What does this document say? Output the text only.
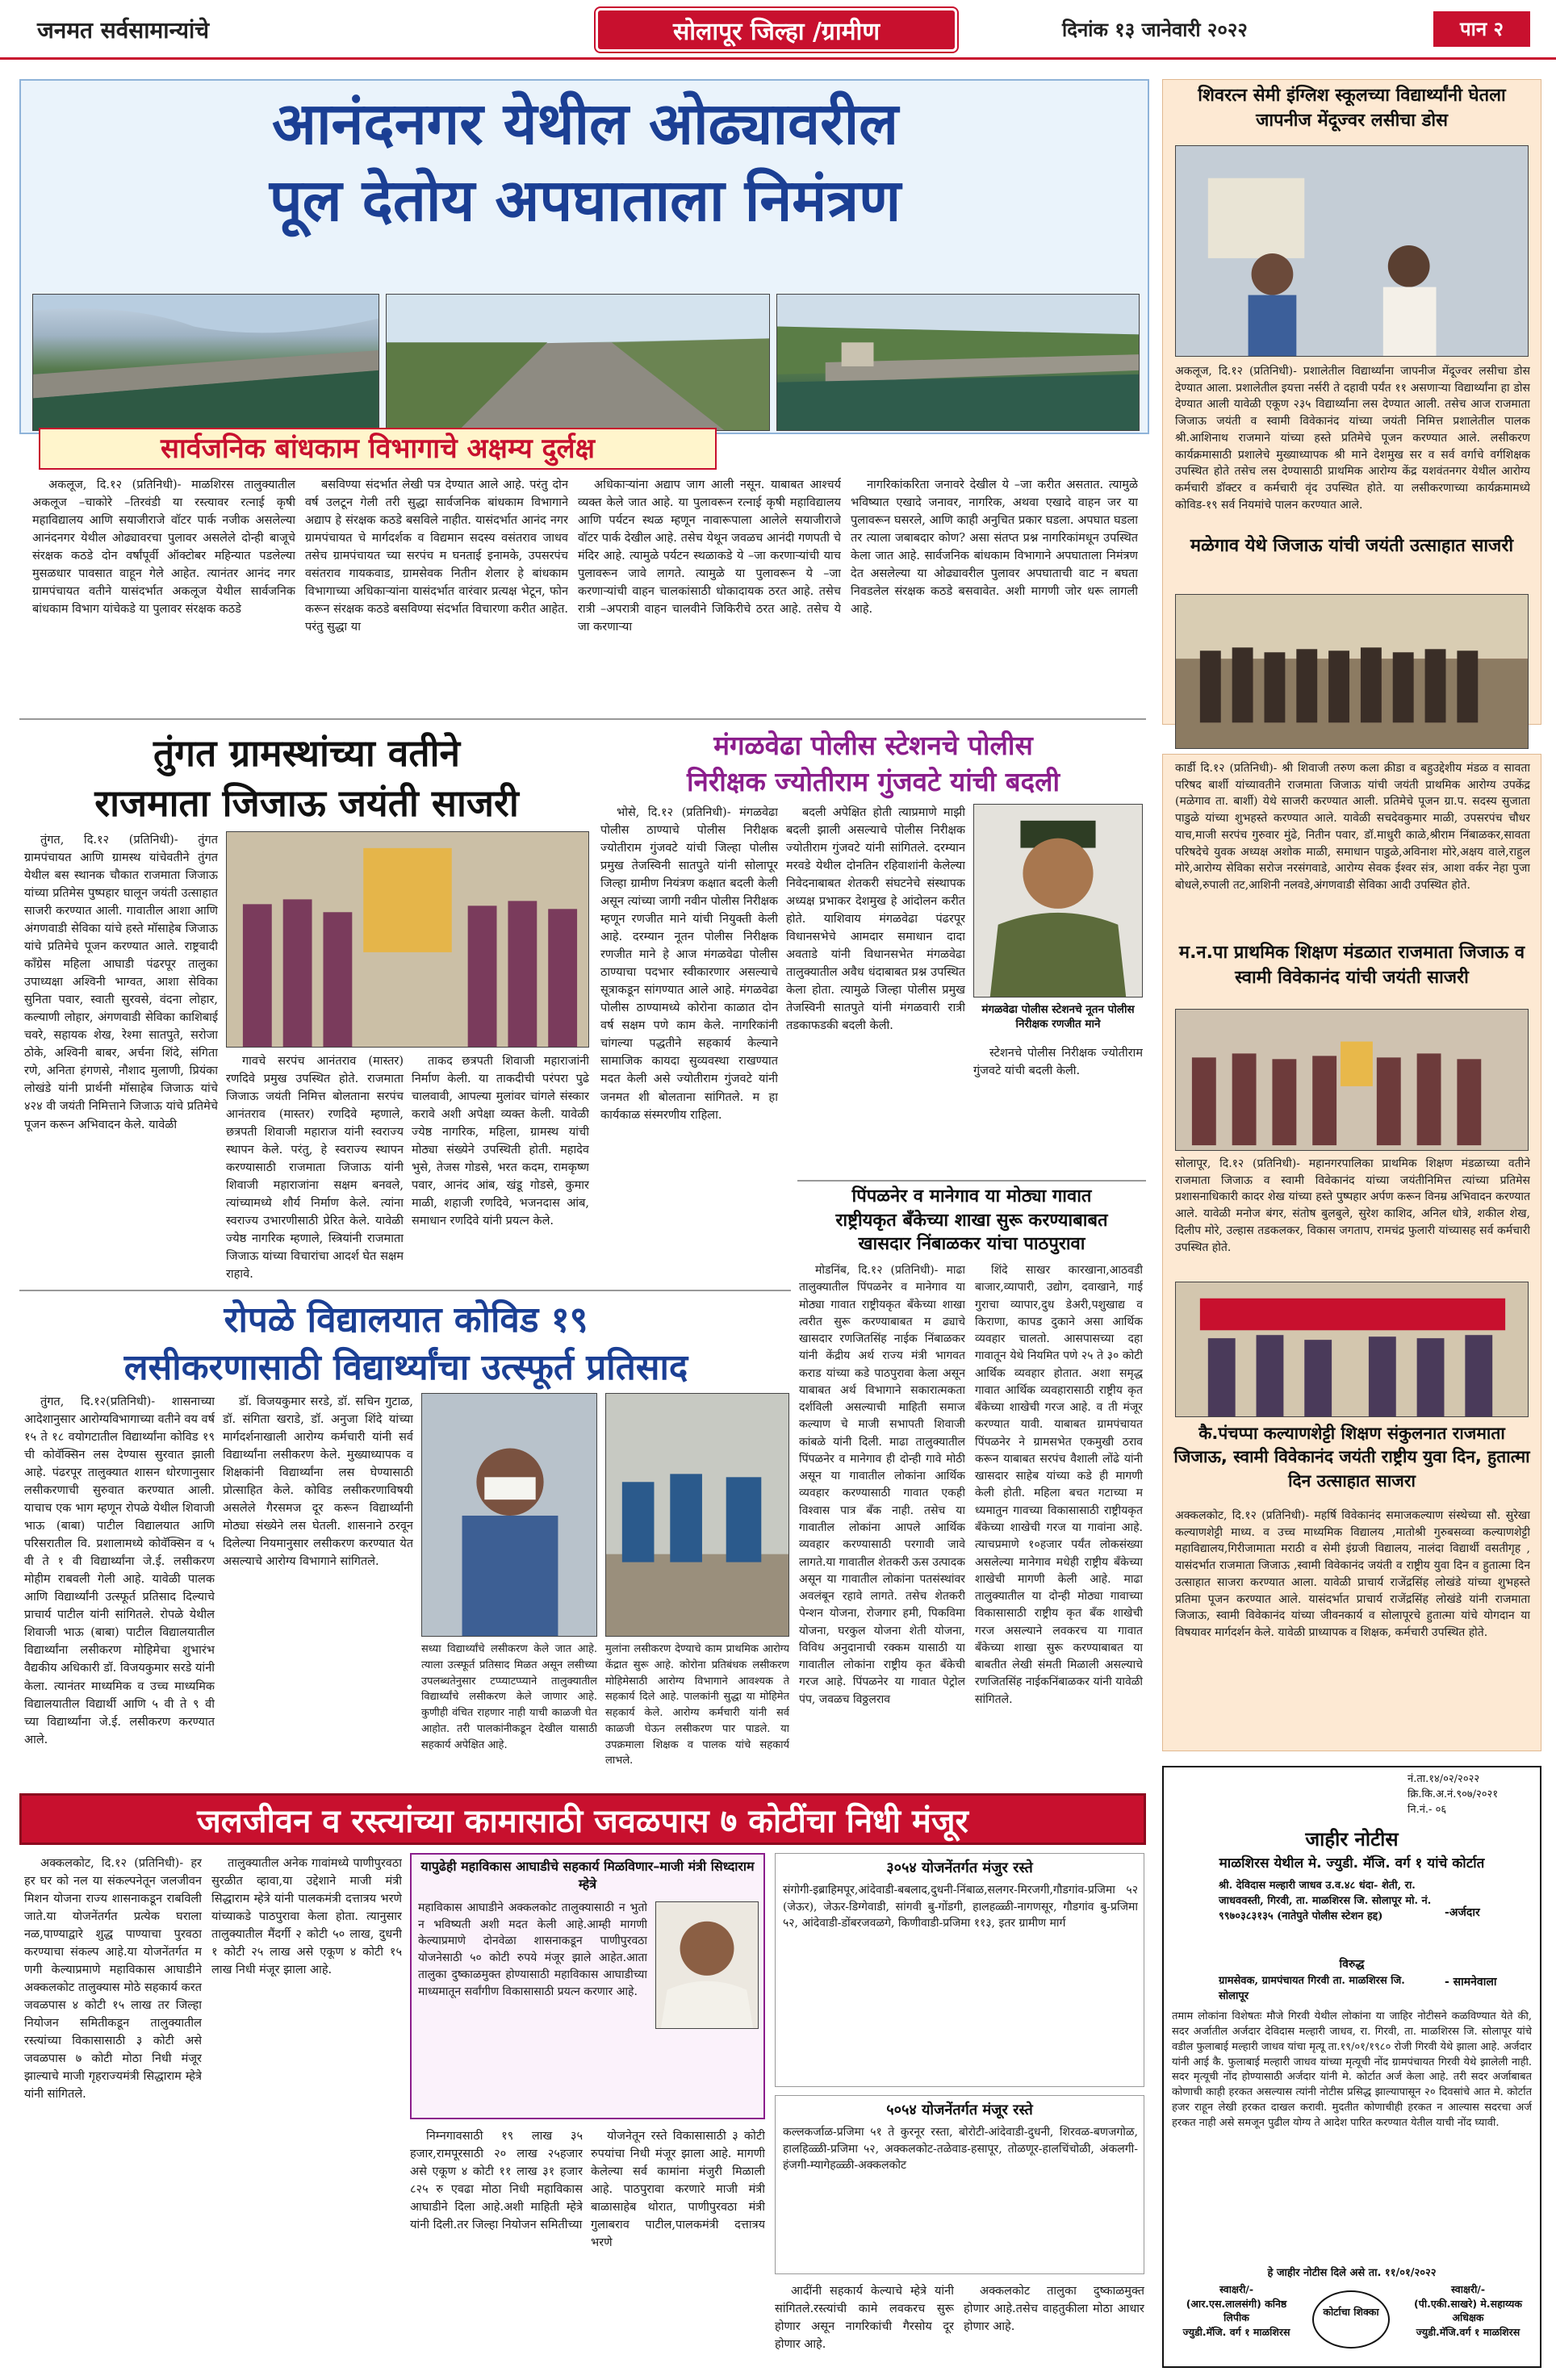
जनमत सर्वसामान्यांचे	सोलापूर जिल्हा /ग्रामीण	दिनांक १३ जानेवारी २०२२	पान २
आनंदनगर येथील ओढ्यावरील
पूल देतोय अपघाताला निमंत्रण
सार्वजनिक बांधकाम विभागाचे अक्षम्य दुर्लक्ष

अकलूज, दि.१२ (प्रतिनिधी)- माळशिरस तालुक्यातील अकलूज –चाकोरे –तिरवंडी या रस्त्यावर रत्नाई कृषी महाविद्यालय आणि सयाजीराजे वॉटर पार्क नजीक असलेल्या आनंदनगर येथील ओढ्यावरचा पुलावर असलेले दोन्ही बाजूचे संरक्षक कठडे दोन वर्षांपूर्वी ऑक्टोबर महिन्यात पडलेल्या मुसळधार पावसात वाहून गेले आहेत. त्यानंतर आनंद नगर ग्रामपंचायत वतीने यासंदर्भात अकलूज येथील सार्वजनिक बांधकाम विभाग यांचेकडे या पुलावर संरक्षक कठडे

बसविण्या संदर्भात लेखी पत्र देण्यात आले आहे. परंतु दोन वर्ष उलटून गेली तरी सुद्धा सार्वजनिक बांधकाम विभागाने अद्याप हे संरक्षक कठडे बसविले नाहीत. यासंदर्भात आनंद नगर ग्रामपंचायत चे मार्गदर्शक व विद्यमान सदस्य वसंतराव जाधव तसेच ग्रामपंचायत च्या सरपंच म घनताई इनामके, उपसरपंच वसंतराव गायकवाड, ग्रामसेवक नितीन शेलार हे बांधकाम विभागाच्या अधिकाऱ्यांना यासंदर्भात वारंवार प्रत्यक्ष भेटून, फोन करून संरक्षक कठडे बसविण्या संदर्भात विचारणा करीत आहेत. परंतु सुद्धा या

अधिकाऱ्यांना अद्याप जाग आली नसून. याबाबत आश्चर्य व्यक्त केले जात आहे. या पुलावरून रत्नाई कृषी महाविद्यालय आणि पर्यटन स्थळ म्हणून नावारूपाला आलेले सयाजीराजे वॉटर पार्क देखील आहे. तसेच येथून जवळच आनंदी गणपती चे मंदिर आहे. त्यामुळे पर्यटन स्थळाकडे ये –जा करणाऱ्यांची याच पुलावरून जावे लागते. त्यामुळे या पुलावरून ये –जा करणाऱ्यांची वाहन चालकांसाठी धोकादायक ठरत आहे. तसेच रात्री –अपरात्री वाहन चालवीने जिकिरीचे ठरत आहे. तसेच ये जा करणाऱ्या

नागरिकांकरिता जनावरे देखील ये –जा करीत असतात. त्यामुळे भविष्यात एखादे जनावर, नागरिक, अथवा एखादे वाहन जर या पुलावरून घसरले, आणि काही अनुचित प्रकार घडला. अपघात घडला तर त्याला जबाबदार कोण? असा संतप्त प्रश्न नागरिकांमधून उपस्थित केला जात आहे. सार्वजनिक बांधकाम विभागाने अपघाताला निमंत्रण देत असलेल्या या ओढ्यावरील पुलावर अपघाताची वाट न बघता निवडलेल संरक्षक कठडे बसवावेत. अशी मागणी जोर धरू लागली आहे.

शिवरत्न सेमी इंग्लिश स्कूलच्या विद्यार्थ्यांनी घेतला जापनीज मेंदूज्वर लसीचा डोस
अकलूज, दि.१२ (प्रतिनिधी)- प्रशालेतील विद्यार्थ्यांना जापनीज मेंदूज्वर लसीचा डोस देण्यात आला. प्रशालेतील इयत्ता नर्सरी ते दहावी पर्यंत ११ असणाऱ्या विद्यार्थ्यांना हा डोस देण्यात आली यावेळी एकूण २३५ विद्यार्थ्यांना लस देण्यात आली. तसेच आज राजमाता जिजाऊ जयंती व स्वामी विवेकानंद यांच्या जयंती निमित्त प्रशालेतील पालक श्री.आशिनाथ राजमाने यांच्या हस्ते प्रतिमेचे पूजन करण्यात आले. लसीकरण कार्यक्रमासाठी प्रशालेचे मुख्याध्यापक श्री माने देशमुख सर व सर्व वर्गाचे वर्गशिक्षक उपस्थित होते तसेच लस देण्यासाठी प्राथमिक आरोग्य केंद्र यशवंतनगर येथील आरोग्य कर्मचारी डॉक्टर व कर्मचारी वृंद उपस्थित होते. या लसीकरणाच्या कार्यक्रमामध्ये कोविड-१९ सर्व नियमांचे पालन करण्यात आले.
मळेगाव येथे जिजाऊ यांची जयंती उत्साहात साजरी
कार्डी दि.१२ (प्रतिनिधी)- श्री शिवाजी तरुण कला क्रीडा व बहुउद्देशीय मंडळ व सावता परिषद बार्शी यांच्यावतीने राजमाता जिजाऊ यांची जयंती प्राथमिक आरोग्य उपकेंद्र (मळेगाव ता. बार्शी) येथे साजरी करण्यात आली. प्रतिमेचे पूजन ग्रा.प. सदस्य सुजाता पाडुळे यांच्या शुभहस्ते करण्यात आले. यावेळी सचदेवकुमार माळी, उपसरपंच चौधर याच,माजी सरपंच गुरुवार मुंढे, नितीन पवार, डॉ.माधुरी काळे,श्रीराम निंबाळकर,सावता परिषदेचे युवक अध्यक्ष अशोक माळी, समाधान पाडुळे,अविनाश मोरे,अक्षय वाले,राहुल मोरे,आरोग्य सेविका सरोज नरसंगवाडे, आरोग्य सेवक ईश्वर संत्र, आशा वर्कर नेहा पुजा बोधले,रुपाली तट,आशिनी नलवडे,अंगणवाडी सेविका आदी उपस्थित होते.
म.न.पा प्राथमिक शिक्षण मंडळात राजमाता जिजाऊ व स्वामी विवेकानंद यांची जयंती साजरी
सोलापूर, दि.१२ (प्रतिनिधी)- महानगरपालिका प्राथमिक शिक्षण मंडळाच्या वतीने राजमाता जिजाऊ व स्वामी विवेकानंद यांच्या जयंतीनिमित्त त्यांच्या प्रतिमेस प्रशासनाधिकारी कादर शेख यांच्या हस्ते पुष्पहार अर्पण करून विनम्र अभिवादन करण्यात आले. यावेळी मनोज बंगर, संतोष बुलबुले, सुरेश काशिद, अनिल धोत्रे, शकील शेख, दिलीप मोरे, उल्हास तडकलकर, विकास जगताप, रामचंद्र फुलारी यांच्यासह सर्व कर्मचारी उपस्थित होते.
कै.पंचप्पा कल्याणशेट्टी शिक्षण संकुलनात राजमाता जिजाऊ, स्वामी विवेकानंद जयंती राष्ट्रीय युवा दिन, हुतात्मा दिन उत्साहात साजरा
अक्कलकोट, दि.१२ (प्रतिनिधी)- महर्षि विवेकानंद समाजकल्याण संस्थेच्या सौ. सुरेखा कल्याणशेट्टी माध्य. व उच्च माध्यमिक विद्यालय ,मातोश्री गुरुबसव्वा कल्याणशेट्टी महाविद्यालय,गिरीजामाता मराठी व सेमी इंग्रजी विद्यालय, नालंदा विद्यार्थी वसतीगृह , यासंदर्भात राजमाता जिजाऊ ,स्वामी विवेकानंद जयंती व राष्ट्रीय युवा दिन व हुतात्मा दिन उत्साहात साजरा करण्यात आला. यावेळी प्राचार्य राजेंद्रसिंह लोखंडे यांच्या शुभहस्ते प्रतिमा पूजन करण्यात आले. यासंदर्भात प्राचार्य राजेंद्रसिंह लोखंडे यांनी राजमाता जिजाऊ, स्वामी विवेकानंद यांच्या जीवनकार्य व सोलापूरचे हुतात्मा यांचे योगदान या विषयावर मार्गदर्शन केले. यावेळी प्राध्यापक व शिक्षक, कर्मचारी उपस्थित होते.
नं.ता.१४/०२/२०२२
क्रि.कि.अ.नं.९०७/२०२१
नि.नं.- ०६
जाहीर नोटीस
माळशिरस येथील मे. ज्युडी. मॅजि. वर्ग १ यांचे कोर्टात
श्री. देविदास मल्हारी जाधव उ.व.४८ धंदा- शेती, रा. जाधववस्ती, गिरवी, ता. माळशिरस जि. सोलापूर मो. नं. ९९७०३८३१३५ (नातेपुते पोलीस स्टेशन हद्द)	-अर्जदार
विरुद्ध
ग्रामसेवक, ग्रामपंचायत गिरवी ता. माळशिरस जि. सोलापूर
- सामनेवाला
तमाम लोकांना विशेषतः मौजे गिरवी येथील लोकांना या जाहिर नोटीसने कळविण्यात येते की, सदर अर्जातील अर्जदार देविदास मल्हारी जाधव, रा. गिरवी, ता. माळशिरस जि. सोलापूर यांचे वडील फुलाबाई मल्हारी जाधव यांचा मृत्यू ता.१९/०१/१९८० रोजी गिरवी येथे झाला आहे. अर्जदार यांनी आई कै. फुलाबाई मल्हारी जाधव यांच्या मृत्यूची नोंद ग्रामपंचायत गिरवी येथे झालेली नाही. सदर मृत्यूची नोंद होण्यासाठी अर्जदार यांनी मे. कोर्टात अर्ज केला आहे. तरी सदर अर्जाबाबत कोणाची काही हरकत असल्यास त्यांनी नोटीस प्रसिद्ध झाल्यापासून २० दिवसांचे आत मे. कोर्टात हजर राहून लेखी हरकत दाखल करावी. मुदतीत कोणाचीही हरकत न आल्यास सदरचा अर्ज हरकत नाही असे समजून पुढील योग्य ते आदेश पारित करण्यात येतील याची नोंद घ्यावी.
हे जाहीर नोटीस दिले असे ता. ११/०१/२०२२
स्वाक्षरी/-
(आर.एस.लालसंगी) कनिष्ठ लिपीक
ज्युडी.मॅजि. वर्ग १ माळशिरस
कोर्टाचा शिक्का
स्वाक्षरी/-
(पी.एकी.साखरे) मे.सहाय्यक अधिक्षक
ज्युडी.मॅजि.वर्ग १ माळशिरस
तुंगत ग्रामस्थांच्या वतीने
राजमाता जिजाऊ जयंती साजरी

तुंगत, दि.१२ (प्रतिनिधी)- तुंगत ग्रामपंचायत आणि ग्रामस्थ यांचेवतीने तुंगत येथील बस स्थानक चौकात राजमाता जिजाऊ यांच्या प्रतिमेस पुष्पहार घालून जयंती उत्साहात साजरी करण्यात आली. गावातील आशा आणि अंगणवाडी सेविका यांचे हस्ते मॉसाहेब जिजाऊ यांचे प्रतिमेचे पूजन करण्यात आले. राष्ट्रवादी काँग्रेस महिला आघाडी पंढरपूर तालुका उपाध्यक्षा अश्विनी भाग्वत, आशा सेविका सुनिता पवार, स्वाती सुरवसे, वंदना लोहार, कल्याणी लोहार, अंगणवाडी सेविका काशिबाई चवरे, सहायक शेख, रेश्मा सातपुते, सरोजा ठोके, अश्विनी बाबर, अर्चना शिंदे, संगिता रणे, अनिता हंगणसे, नौशाद मुलाणी, प्रियंका लोखंडे यांनी प्रार्थनी मॉसाहेब जिजाऊ यांचे ४२४ वी जयंती निमित्ताने जिजाऊ यांचे प्रतिमेचे पूजन करून अभिवादन केले. यावेळी

गावचे सरपंच आनंतराव (मास्तर) रणदिवे प्रमुख उपस्थित होते. राजमाता जिजाऊ जयंती निमित्त बोलताना सरपंच आनंतराव (मास्तर) रणदिवे म्हणाले, छत्रपती शिवाजी महाराज यांनी स्वराज्य स्थापन केले. परंतु, हे स्वराज्य स्थापन करण्यासाठी राजमाता जिजाऊ यांनी शिवाजी महाराजांना सक्षम बनवले, त्यांच्यामध्ये शौर्य निर्माण केले. त्यांना स्वराज्य उभारणीसाठी प्रेरित केले. यावेळी ज्येष्ठ नागरिक म्हणाले, स्त्रियांनी राजमाता जिजाऊ यांच्या विचारांचा आदर्श घेत सक्षम राहावे.

ताकद छत्रपती शिवाजी महाराजांनी निर्माण केली. या ताकदीची परंपरा पुढे चालवावी, आपल्या मुलांवर चांगले संस्कार करावे अशी अपेक्षा व्यक्त केली. यावेळी ज्येष्ठ नागरिक, महिला, ग्रामस्थ यांची मोठ्या संख्येने उपस्थिती होती. महादेव भुसे, तेजस गोडसे, भरत कदम, रामकृष्ण पवार, आनंद आंब, खंडू गोडसे, कुमार माळी, शहाजी रणदिवे, भजनदास आंब, समाधान रणदिवे यांनी प्रयत्न केले.

मंगळवेढा पोलीस स्टेशनचे पोलीस
निरीक्षक ज्योतीराम गुंजवटे यांची बदली

भोसे, दि.१२ (प्रतिनिधी)- मंगळवेढा पोलीस ठाण्याचे पोलीस निरीक्षक ज्योतीराम गुंजवटे यांची जिल्हा पोलीस प्रमुख तेजस्विनी सातपुते यांनी सोलापूर जिल्हा ग्रामीण नियंत्रण कक्षात बदली केली असून त्यांच्या जागी नवीन पोलीस निरीक्षक म्हणून रणजीत माने यांची नियुक्ती केली आहे. दरम्यान नूतन पोलीस निरीक्षक रणजीत माने हे आज मंगळवेढा पोलीस ठाण्याचा पदभार स्वीकारणार असल्याचे सूत्राकडून सांगण्यात आले आहे. मंगळवेढा पोलीस ठाण्यामध्ये कोरोना काळात दोन वर्ष सक्षम पणे काम केले. नागरिकांनी चांगल्या पद्धतीने सहकार्य केल्याने सामाजिक कायदा सुव्यवस्था राखण्यात मदत केली असे ज्योतीराम गुंजवटे यांनी जनमत शी बोलताना सांगितले. म हा कार्यकाळ संस्मरणीय राहिला.

बदली अपेक्षित होती त्याप्रमाणे माझी बदली झाली असल्याचे पोलीस निरीक्षक ज्योतीराम गुंजवटे यांनी सांगितले. दरम्यान मरवडे येथील दोनतिन रहिवाशांनी केलेल्या निवेदनाबाबत शेतकरी संघटनेचे संस्थापक अध्यक्ष प्रभाकर देशमुख हे आंदोलन करीत होते. याशिवाय मंगळवेढा पंढरपूर विधानसभेचे आमदार समाधान दादा अवताडे यांनी विधानसभेत मंगळवेढा तालुक्यातील अवैध धंदाबाबत प्रश्न उपस्थित केला होता. त्यामुळे जिल्हा पोलीस प्रमुख तेजस्विनी सातपुते यांनी मंगळवारी रात्री तडकाफडकी बदली केली.

मंगळवेढा पोलीस स्टेशनचे नूतन पोलीस निरीक्षक रणजीत माने

स्टेशनचे पोलीस निरीक्षक ज्योतीराम गुंजवटे यांची बदली केली.

रोपळे विद्यालयात कोविड १९
लसीकरणासाठी विद्यार्थ्यांचा उत्स्फूर्त प्रतिसाद

तुंगत, दि.१२(प्रतिनिधी)- शासनाच्या आदेशानुसार आरोग्यविभागाच्या वतीने वय वर्ष १५ ते १८ वयोगटातील विद्यार्थ्यांना कोविड १९ ची कोवॅक्सिन लस देण्यास सुरवात झाली आहे. पंढरपूर तालुक्यात शासन धोरणानुसार लसीकरणाची सुरुवात करण्यात आली. याचाच एक भाग म्हणून रोपळे येथील शिवाजी भाऊ (बाबा) पाटील विद्यालयात आणि परिसरातील वि. प्रशालामध्ये कोवॅक्सिन व ५ वी ते १ वी विद्यार्थ्यांना जे.ई. लसीकरण मोहीम राबवली गेली आहे. यावेळी पालक आणि विद्यार्थ्यांनी उत्स्फूर्त प्रतिसाद दिल्याचे प्राचार्य पाटील यांनी सांगितले. रोपळे येथील शिवाजी भाऊ (बाबा) पाटील विद्यालयातील विद्यार्थ्यांना लसीकरण मोहिमेचा शुभारंभ वैद्यकीय अधिकारी डॉ. विजयकुमार सरडे यांनी केला. त्यानंतर माध्यमिक व उच्च माध्यमिक विद्यालयातील विद्यार्थी आणि ५ वी ते ९ वी च्या विद्यार्थ्यांना जे.ई. लसीकरण करण्यात आले.

डॉ. विजयकुमार सरडे, डॉ. सचिन गुटाळ, डॉ. संगिता खराडे, डॉ. अनुजा शिंदे यांच्या मार्गदर्शनाखाली आरोग्य कर्मचारी यांनी सर्व विद्यार्थ्यांना लसीकरण केले. मुख्याध्यापक व शिक्षकांनी विद्यार्थ्यांना लस घेण्यासाठी प्रोत्साहित केले. कोविड लसीकरणाविषयी असलेले गैरसमज दूर करून विद्यार्थ्यांनी मोठ्या संख्येने लस घेतली. शासनाने ठरवून दिलेल्या नियमानुसार लसीकरण करण्यात येत असल्याचे आरोग्य विभागाने सांगितले.

सध्या विद्यार्थ्यांचे लसीकरण केले जात आहे. त्याला उत्स्फूर्त प्रतिसाद मिळत असून लसीच्या उपलब्धतेनुसार टप्प्याटप्प्याने तालुक्यातील विद्यार्थ्यांचे लसीकरण केले जाणार आहे. कुणीही वंचित राहणार नाही याची काळजी घेत आहोत. तरी पालकांनीकडून देखील यासाठी सहकार्य अपेक्षित आहे.
मुलांना लसीकरण देण्याचे काम प्राथमिक आरोग्य केंद्रात सुरू आहे. कोरोना प्रतिबंधक लसीकरण मोहिमेसाठी आरोग्य विभागाने आवश्यक ते सहकार्य दिले आहे. पालकांनी सुद्धा या मोहिमेत सहकार्य केले. आरोग्य कर्मचारी यांनी सर्व काळजी घेऊन लसीकरण पार पाडले. या उपक्रमाला शिक्षक व पालक यांचे सहकार्य लाभले.
पिंपळनेर व मानेगाव या मोठ्या गावात
राष्ट्रीयकृत बँकेच्या शाखा सुरू करण्याबाबत
खासदार निंबाळकर यांचा पाठपुरावा

मोडनिंब, दि.१२ (प्रतिनिधी)- माढा तालुक्यातील पिंपळनेर व मानेगाव या मोठ्या गावात राष्ट्रीयकृत बँकेच्या शाखा त्वरीत सुरू करण्याबाबत म ढ्याचे खासदार रणजितसिंह नाईक निंबाळकर यांनी केंद्रीय अर्थ राज्य मंत्री भागवत कराड यांच्या कडे पाठपुरावा केला असून याबाबत अर्थ विभागाने सकारात्मकता दर्शविली असल्याची माहिती समाज कल्याण चे माजी सभापती शिवाजी कांबळे यांनी दिली. माढा तालुक्यातील पिंपळनेर व मानेगाव ही दोन्ही गावे मोठी असून या गावातील लोकांना आर्थिक व्यवहार करण्यासाठी गावात एकही विश्वास पात्र बँक नाही. तसेच या गावातील लोकांना आपले आर्थिक व्यवहार करण्यासाठी परगावी जावे लागते.या गावातील शेतकरी ऊस उत्पादक असून या गावातील लोकांना पतसंस्थांवर अवलंबून रहावे लागते. तसेच शेतकरी पेन्शन योजना, रोजगार हमी, पिकविमा योजना, घरकुल योजना शेती योजना, विविध अनुदानाची रक्कम यासाठी या गावातील लोकांना राष्ट्रीय कृत बँकेची गरज आहे. पिंपळनेर या गावात पेट्रोल पंप, जवळच विठ्ठलराव

शिंदे साखर कारखाना,आठवडी बाजार,व्यापारी, उद्योग, दवाखाने, गाई गुराचा व्यापार,दुध डेअरी,पशुखाद्य व किराणा, कापड दुकाने असा आर्थिक व्यवहार चालतो. आसपासच्या दहा गावातून येथे नियमित पणे २५ ते ३० कोटी आर्थिक व्यवहार होतात. अशा समृद्ध गावात आर्थिक व्यवहारासाठी राष्ट्रीय कृत बँकेच्या शाखेची गरज आहे. व ती मंजूर करण्यात यावी. याबाबत ग्रामपंचायत पिंपळनेर ने ग्रामसभेत एकमुखी ठराव करून याबाबत सरपंच वैशाली लोंढे यांनी खासदार साहेब यांच्या कडे ही मागणी केली होती. महिला बचत गटाच्या म ध्यमातुन गावच्या विकासासाठी राष्ट्रीयकृत बँकेच्या शाखेची गरज या गावांना आहे. त्याचप्रमाणे १०हजार पर्यंत लोकसंख्या असलेल्या मानेगाव मधेही राष्ट्रीय बँकेच्या शाखेची मागणी केली आहे. माढा तालुक्यातील या दोन्ही मोठ्या गावाच्या विकासासाठी राष्ट्रीय कृत बँक शाखेची गरज असल्याने लवकरच या गावात बँकेच्या शाखा सुरू करण्याबाबत या बाबतीत लेखी संमती मिळाली असल्याचे रणजितसिंह नाईकनिंबाळकर यांनी यावेळी सांगितले.

जलजीवन व रस्त्यांच्या कामासाठी जवळपास ७ कोटींचा निधी मंजूर

अक्कलकोट, दि.१२ (प्रतिनिधी)- हर हर घर को नल या संकल्पनेतून जलजीवन मिशन योजना राज्य शासनाकडून राबविली जाते.या योजनेंतर्गत प्रत्येक घराला नळ,पाण्याद्वारे शुद्ध पाण्याचा पुरवठा करण्याचा संकल्प आहे.या योजनेंतर्गत म णगी केल्याप्रमाणे महाविकास आघाडीने अक्कलकोट तालुक्यास मोठे सहकार्य करत जवळपास ४ कोटी १५ लाख तर जिल्हा नियोजन समितीकडून तालुक्यातील रस्त्यांच्या विकासासाठी ३ कोटी असे जवळपास ७ कोटी मोठा निधी मंजूर झाल्याचे माजी गृहराज्यमंत्री सिद्धाराम म्हेत्रे यांनी सांगितले.

तालुक्यातील अनेक गावांमध्ये पाणीपुरवठा सुरळीत व्हावा,या उद्देशाने माजी मंत्री सिद्धाराम म्हेत्रे यांनी पालकमंत्री दत्तात्रय भरणे यांच्याकडे पाठपुरावा केला होता. त्यानुसार तालुक्यातील मैंदर्गी २ कोटी ५० लाख, दुधनी १ कोटी २५ लाख असे एकूण ४ कोटी १५ लाख निधी मंजूर झाला आहे.

यापुढेही महाविकास आघाडीचे सहकार्य मिळविणार–माजी मंत्री सिध्दाराम म्हेत्रे
महाविकास आघाडीने अक्कलकोट तालुक्यासाठी न भुतो न भविष्यती अशी मदत केली आहे.आम्ही मागणी केल्याप्रमाणे दोनवेळा शासनाकडून पाणीपुरवठा योजनेसाठी ५० कोटी रुपये मंजूर झाले आहेत.आता तालुका दुष्काळमुक्त होण्यासाठी महाविकास आघाडीच्या माध्यमातून सर्वांगीण विकासासाठी प्रयत्न करणार आहे.

निम्नगावसाठी १९ लाख ३५ हजार,रामपूरसाठी २० लाख २५हजार असे एकूण ४ कोटी ११ लाख ३१ हजार ८२५ रु एवढा मोठा निधी महाविकास आघाडीने दिला आहे.अशी माहिती म्हेत्रे यांनी दिली.तर जिल्हा नियोजन समितीच्या

योजनेतून रस्ते विकासासाठी ३ कोटी रुपयांचा निधी मंजूर झाला आहे. मागणी केलेल्या सर्व कामांना मंजुरी मिळाली आहे. पाठपुरावा करणारे माजी मंत्री बाळासाहेब थोरात, पाणीपुरवठा मंत्री गुलाबराव पाटील,पालकमंत्री दत्तात्रय भरणे

३०५४ योजनेंतर्गत मंजुर रस्ते
संगोगी-इब्राहिमपूर,आंदेवाडी-बबलाद,दुधनी-निंबाळ,सलगर-मिरजगी,गौडगांव-प्रजिमा ५२ (जेऊर), जेऊर-डिग्गेवाडी, सांगवी बु-गोंडगी, हालहळ्ळी-नागणसूर, गौडगांव बु-प्रजिमा ५२, आंदेवाडी-डोंबरजवळगे, किणीवाडी-प्रजिमा ११३, इतर ग्रामीण मार्ग
५०५४ योजनेंतर्गत मंजूर रस्ते
कल्लकर्जाळ-प्रजिमा ५१ ते कुरनूर रस्ता, बोरोटी-आंदेवाडी-दुधनी, शिरवळ-बणजगोळ, हालहिळ्ळी-प्रजिमा ५२, अक्कलकोट-तळेवाड-हसापूर, तोळणूर-हालचिंचोळी, अंकलगी-हंजगी-म्यागेहळ्ळी-अक्कलकोट

आदींनी सहकार्य केल्याचे म्हेत्रे यांनी सांगितले.रस्त्यांची कामे लवकरच सुरू होणार असून नागरिकांची गैरसोय दूर होणार आहे.

अक्कलकोट तालुका दुष्काळमुक्त होणार आहे.तसेच वाहतुकीला मोठा आधार होणार आहे.
